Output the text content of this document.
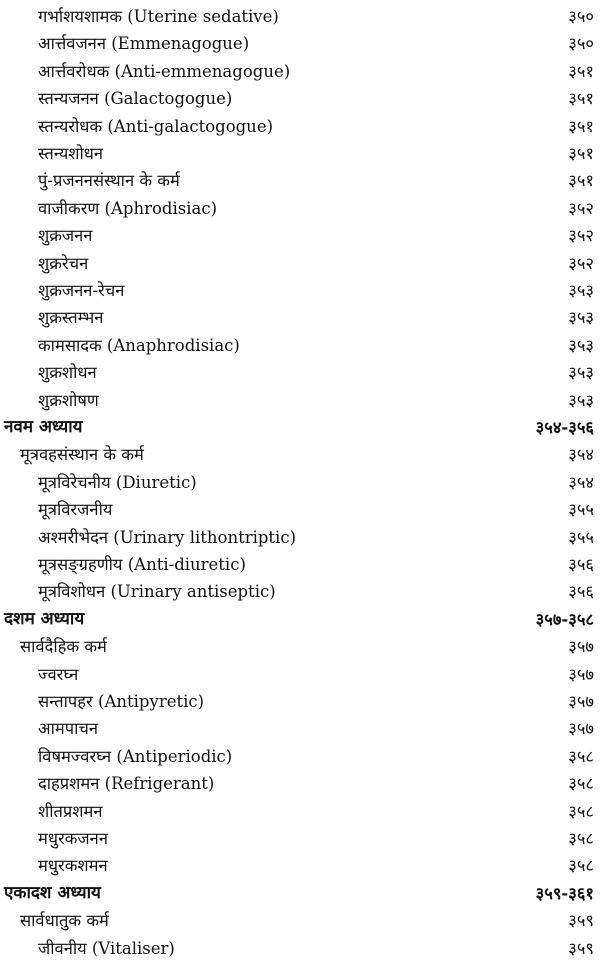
गर्भाशयशामक (Uterine sedative)	३५०
आर्त्तवजनन (Emmenagogue)	३५०
आर्त्तवरोधक (Anti-emmenagogue)	३५१
स्तन्यजनन (Galactogogue)	३५१
स्तन्यरोधक (Anti-galactogogue)	३५१
स्तन्यशोधन	३५१
पुं-प्रजननसंस्थान के कर्म	३५१
वाजीकरण (Aphrodisiac)	३५२
शुक्रजनन	३५२
शुक्ररेचन	३५२
शुक्रजनन-रेचन	३५३
शुक्रस्तम्भन	३५३
कामसादक (Anaphrodisiac)	३५३
शुक्रशोधन	३५३
शुक्रशोषण	३५३
नवम अध्याय	३५४-३५६
मूत्रवहसंस्थान के कर्म	३५४
मूत्रविरेचनीय (Diuretic)	३५४
मूत्रविरजनीय	३५५
अश्मरीभेदन (Urinary lithontriptic)	३५५
मूत्रसङ्ग्रहणीय (Anti-diuretic)	३५६
मूत्रविशोधन (Urinary antiseptic)	३५६
दशम अध्याय	३५७-३५८
सार्वदैहिक कर्म	३५७
ज्वरघ्न	३५७
सन्तापहर (Antipyretic)	३५७
आमपाचन	३५७
विषमज्वरघ्न (Antiperiodic)	३५८
दाहप्रशमन (Refrigerant)	३५८
शीतप्रशमन	३५८
मधुरकजनन	३५८
मधुरकशमन	३५८
एकादश अध्याय	३५९-३६१
सार्वधातुक कर्म	३५९
जीवनीय (Vitaliser)	३५९
